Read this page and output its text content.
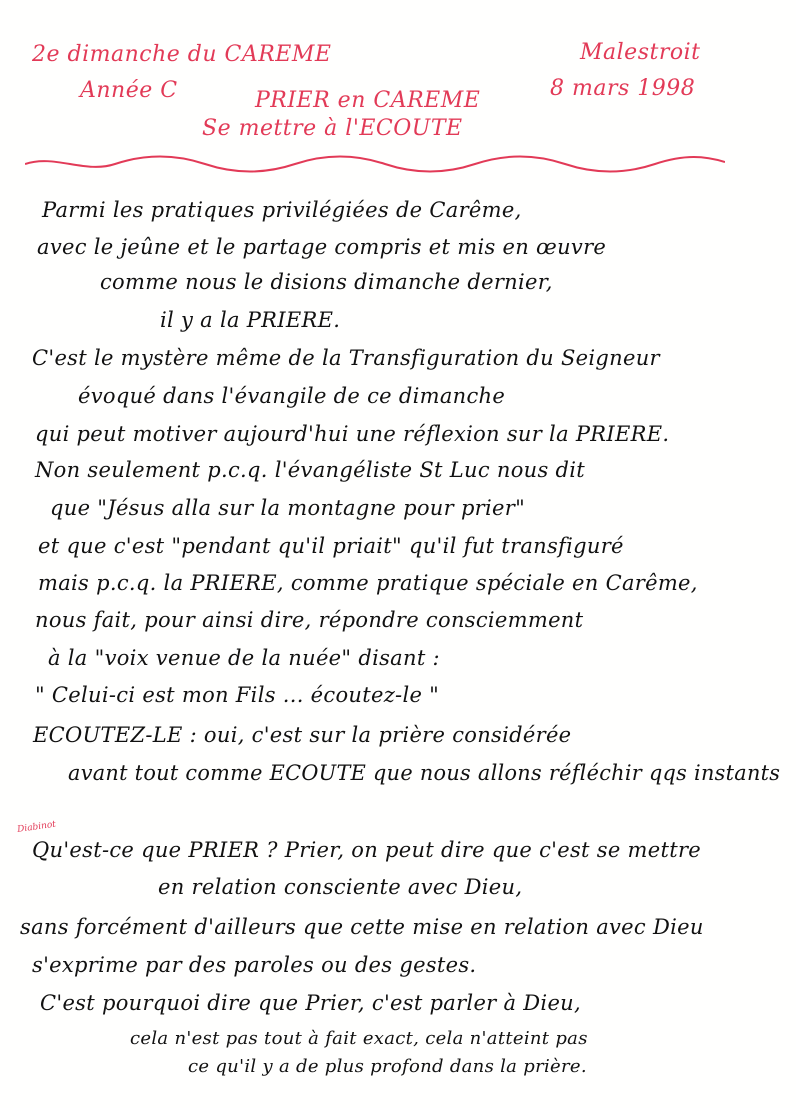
2e dimanche du CAREME
Année C
Malestroit
8 mars 1998
PRIER en CAREME
Se mettre à l'ECOUTE
Parmi les pratiques privilégiées de Carême,
avec le jeûne et le partage compris et mis en œuvre
comme nous le disions dimanche dernier,
il y a la PRIERE.
C'est le mystère même de la Transfiguration du Seigneur
évoqué dans l'évangile de ce dimanche
qui peut motiver aujourd'hui une réflexion sur la PRIERE.
Non seulement p.c.q. l'évangéliste St Luc nous dit
que "Jésus alla sur la montagne pour prier"
et que c'est "pendant qu'il priait" qu'il fut transfiguré
mais p.c.q. la PRIERE, comme pratique spéciale en Carême,
nous fait, pour ainsi dire, répondre consciemment
à la "voix venue de la nuée" disant :
" Celui-ci est mon Fils ... écoutez-le "
ECOUTEZ-LE : oui, c'est sur la prière considérée
avant tout comme ECOUTE que nous allons réfléchir qqs instants
Diabinot
Qu'est-ce que PRIER ? Prier, on peut dire que c'est se mettre
en relation consciente avec Dieu,
sans forcément d'ailleurs que cette mise en relation avec Dieu
s'exprime par des paroles ou des gestes.
C'est pourquoi dire que Prier, c'est parler à Dieu,
cela n'est pas tout à fait exact, cela n'atteint pas
ce qu'il y a de plus profond dans la prière.
